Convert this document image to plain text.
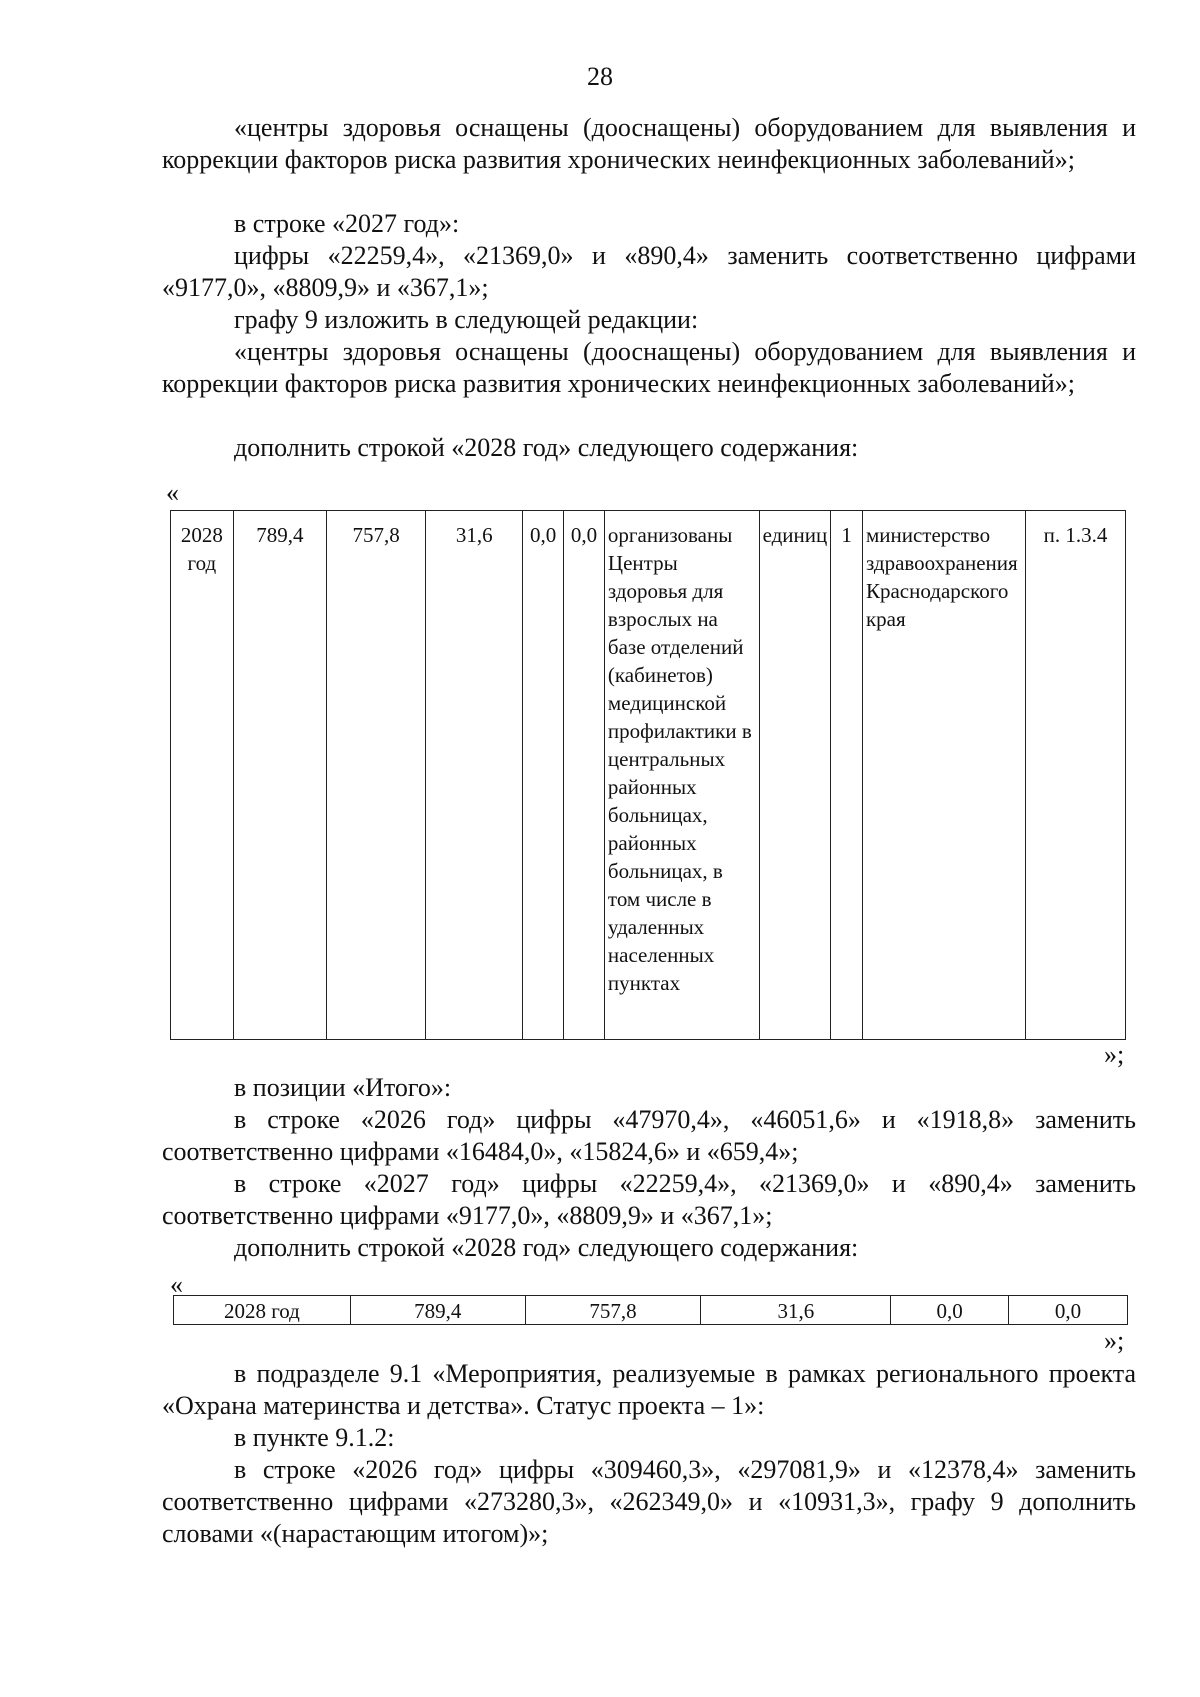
28

«центры здоровья оснащены (дооснащены) оборудованием для выявления и коррекции факторов риска развития хронических неинфекционных заболеваний»;

в строке «2027 год»:

цифры «22259,4», «21369,0» и «890,4» заменить соответственно цифрами «9177,0», «8809,9» и «367,1»;

графу 9 изложить в следующей редакции:

«центры здоровья оснащены (дооснащены) оборудованием для выявления и коррекции факторов риска развития хронических неинфекционных заболеваний»;

дополнить строкой «2028 год» следующего содержания:

«
2028 год	789,4	757,8	31,6	0,0	0,0	организованы Центры здоровья для взрослых на базе отделений (кабинетов) медицинской профилактики в центральных районных больницах, районных больницах, в том числе в удаленных населенных пунктах	единиц	1	министерство здравоохранения Краснодарского края	п. 1.3.4
»;

в позиции «Итого»:

в строке «2026 год» цифры «47970,4», «46051,6» и «1918,8» заменить соответственно цифрами «16484,0», «15824,6» и «659,4»;

в строке «2027 год» цифры «22259,4», «21369,0» и «890,4» заменить соответственно цифрами «9177,0», «8809,9» и «367,1»;

дополнить строкой «2028 год» следующего содержания:

«
2028 год	789,4	757,8	31,6	0,0	0,0
»;

в подразделе 9.1 «Мероприятия, реализуемые в рамках регионального проекта «Охрана материнства и детства». Статус проекта – 1»:

в пункте 9.1.2:

в строке «2026 год» цифры «309460,3», «297081,9» и «12378,4» заменить соответственно цифрами «273280,3», «262349,0» и «10931,3», графу 9 дополнить словами «(нарастающим итогом)»;
